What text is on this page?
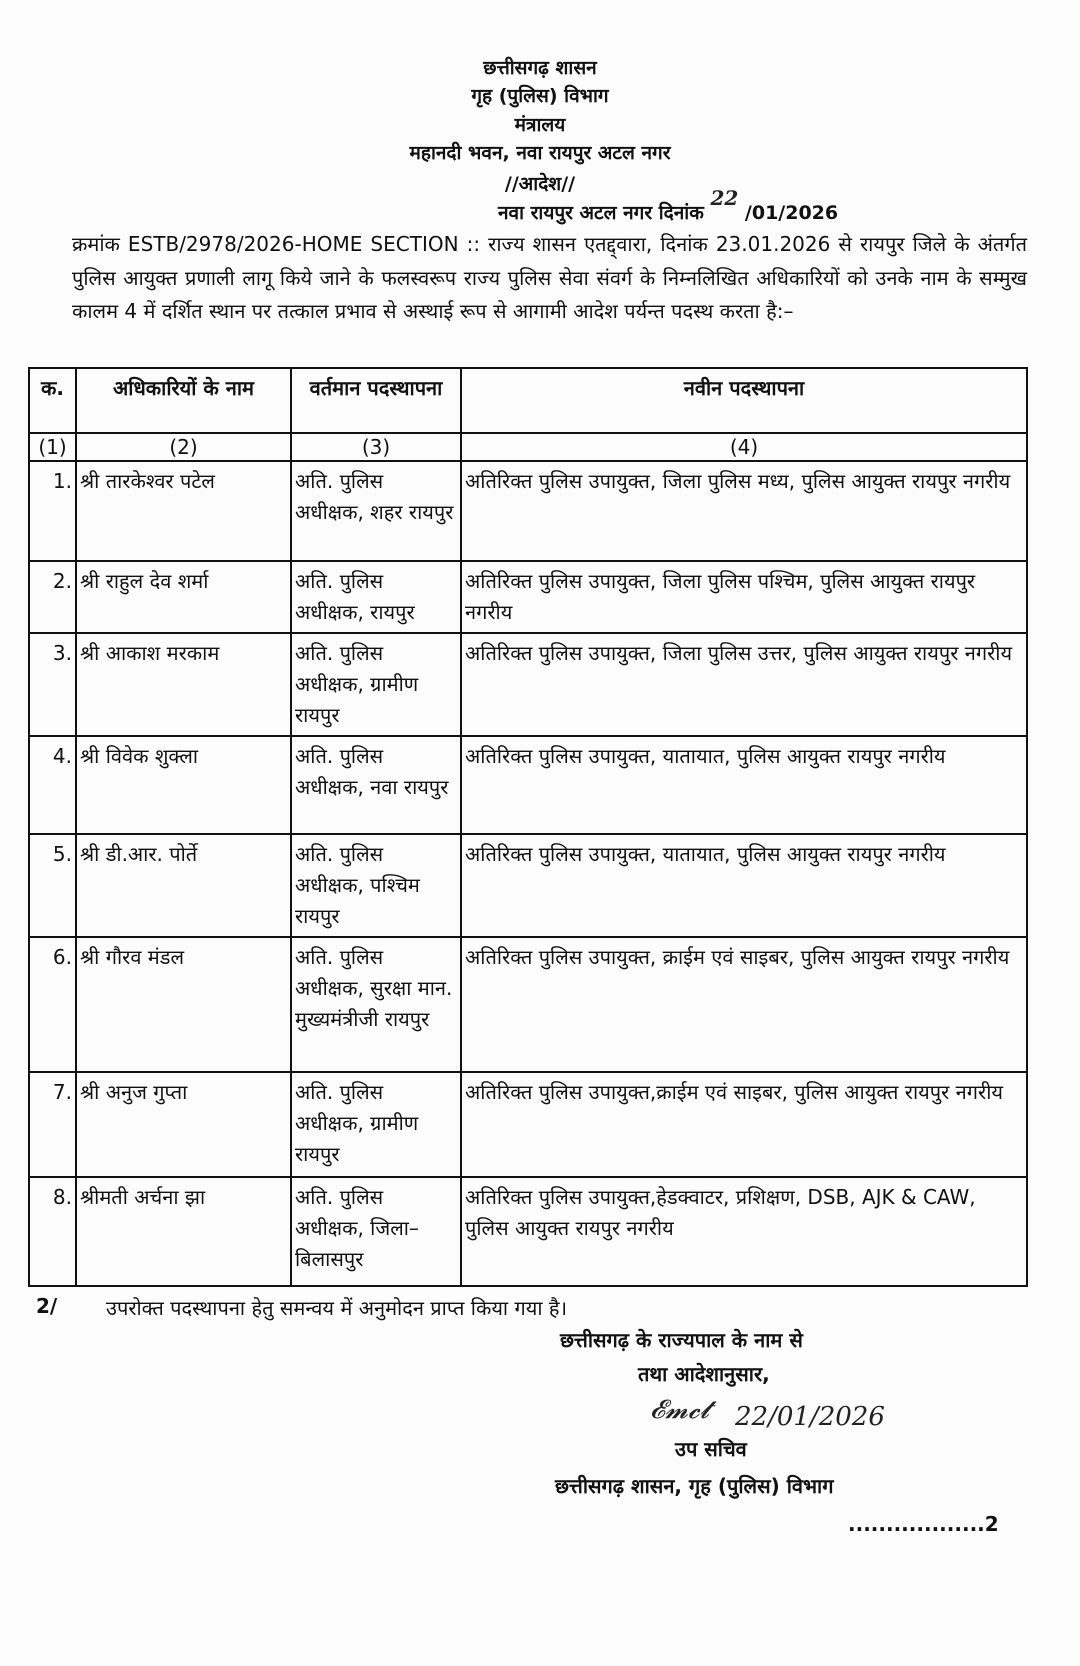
छत्तीसगढ़ शासन
गृह (पुलिस) विभाग
मंत्रालय
महानदी भवन, नवा रायपुर अटल नगर
//आदेश//
नवा रायपुर अटल नगर दिनांक 22 /01/2026
क्रमांक ESTB/2978/2026-HOME SECTION :: राज्य शासन एतद्द्वारा, दिनांक 23.01.2026 से रायपुर जिले के अंतर्गत पुलिस आयुक्त प्रणाली लागू किये जाने के फलस्वरूप राज्य पुलिस सेवा संवर्ग के निम्नलिखित अधिकारियों को उनके नाम के सम्मुख कालम 4 में दर्शित स्थान पर तत्काल प्रभाव से अस्थाई रूप से आगामी आदेश पर्यन्त पदस्थ करता है:–
क.	अधिकारियों के नाम	वर्तमान पदस्थापना	नवीन पदस्थापना
(1)	(2)	(3)	(4)
1.	श्री तारकेश्वर पटेल	अति. पुलिस अधीक्षक, शहर रायपुर	अतिरिक्त पुलिस उपायुक्त, जिला पुलिस मध्य, पुलिस आयुक्त रायपुर नगरीय
2.	श्री राहुल देव शर्मा	अति. पुलिस अधीक्षक, रायपुर	अतिरिक्त पुलिस उपायुक्त, जिला पुलिस पश्चिम, पुलिस आयुक्त रायपुर नगरीय
3.	श्री आकाश मरकाम	अति. पुलिस अधीक्षक, ग्रामीण रायपुर	अतिरिक्त पुलिस उपायुक्त, जिला पुलिस उत्तर, पुलिस आयुक्त रायपुर नगरीय
4.	श्री विवेक शुक्ला	अति. पुलिस अधीक्षक, नवा रायपुर	अतिरिक्त पुलिस उपायुक्त, यातायात, पुलिस आयुक्त रायपुर नगरीय
5.	श्री डी.आर. पोर्ते	अति. पुलिस अधीक्षक, पश्चिम रायपुर	अतिरिक्त पुलिस उपायुक्त, यातायात, पुलिस आयुक्त रायपुर नगरीय
6.	श्री गौरव मंडल	अति. पुलिस अधीक्षक, सुरक्षा मान. मुख्यमंत्रीजी रायपुर	अतिरिक्त पुलिस उपायुक्त, क्राईम एवं साइबर, पुलिस आयुक्त रायपुर नगरीय
7.	श्री अनुज गुप्ता	अति. पुलिस अधीक्षक, ग्रामीण रायपुर	अतिरिक्त पुलिस उपायुक्त,क्राईम एवं साइबर, पुलिस आयुक्त रायपुर नगरीय
8.	श्रीमती अर्चना झा	अति. पुलिस अधीक्षक, जिला–बिलासपुर	अतिरिक्त पुलिस उपायुक्त,हेडक्वाटर, प्रशिक्षण, DSB, AJK & CAW, पुलिस आयुक्त रायपुर नगरीय
2/ उपरोक्त पदस्थापना हेतु समन्वय में अनुमोदन प्राप्त किया गया है।
छत्तीसगढ़ के राज्यपाल के नाम से
तथा आदेशानुसार,
𝓔𝓶𝓬𝓽 22/01/2026
उप सचिव
छत्तीसगढ़ शासन, गृह (पुलिस) विभाग
..................2
